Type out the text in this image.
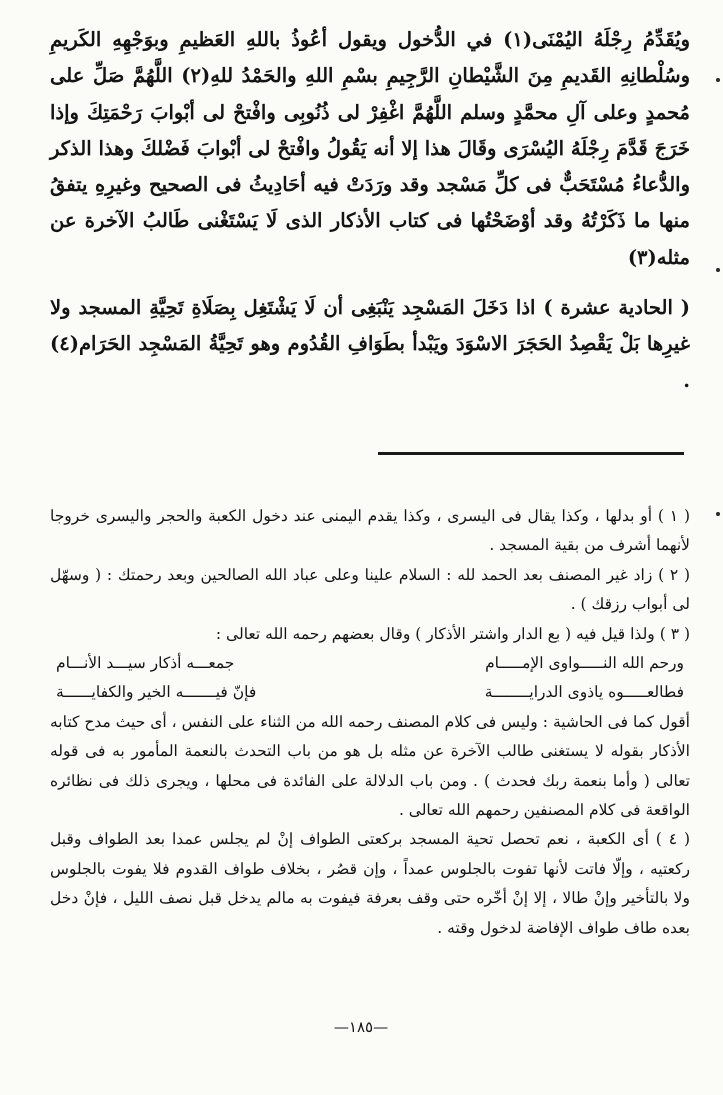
ويُقَدِّمُ رِجْلَهُ اليُمْنَى(١) في الدُّخول ويقول أعُوذُ باللهِ العَظيمِ وبوَجْهِهِ الكَريمِ وسُلْطانِهِ القَديمِ مِنَ الشَّيْطانِ الرَّجِيمِ بسْمِ اللهِ والحَمْدُ للهِ(٢) اللَّهُمَّ صَلِّ على مُحمدٍ وعلى آلِ محمَّدٍ وسلم اللَّهُمَّ اغْفِرْ لى ذُنُوبِى وافْتحْ لى أبْوابَ رَحْمَتِكَ وإذا خَرَجَ قَدَّمَ رِجْلَهُ اليُسْرَى وقَالَ هذا إلا أنه يَقُولُ وافْتحْ لى أبْوابَ فَضْلكَ وهذا الذكر والدُّعاءُ مُسْتَحَبٌّ فى كلِّ مَسْجد وقد ورَدَتْ فيه أحَادِيثُ فى الصحيح وغيرِهِ يتفقُ منها ما ذَكَرْتُهُ وقد أوْضَحْتُها فى كتاب الأذكار الذى لَا يَسْتَغْنى طَالبُ الآخرة عن مثله(٣)

( الحادية عشرة ) اذا دَخَلَ المَسْجِد يَنْبَغِى أن لَا يَشْتَغِل بِصَلَاةِ تَحِيَّةِ المسجد ولا غيرِها بَلْ يَقْصِدُ الحَجَرَ الاسْوَدَ ويَبْدأ بطَوَافِ القُدُوم وهو تَحِيَّةُ المَسْجِد الحَرَام(٤) .

( ١ ) أو بدلها ، وكذا يقال فى اليسرى ، وكذا يقدم اليمنى عند دخول الكعبة والحجر واليسرى خروجا لأنهما أشرف من بقية المسجد .

( ٢ ) زاد غير المصنف بعد الحمد لله : السلام علينا وعلى عباد الله الصالحين وبعد رحمتك : ( وسهّل لى أبواب رزقك ) .

( ٣ ) ولذا قيل فيه ( بع الدار واشتر الأذكار ) وقال بعضهم رحمه الله تعالى :

ورحم الله النـــــواوى الإمـــــام
جمعـــه أذكار سيـــد الأنـــام
فطالعـــــوه ياذوى الدرايــــــــة
فإنّ فيـــــــه الخير والكفايــــــة

أقول كما فى الحاشية : وليس فى كلام المصنف رحمه الله من الثناء على النفس ، أى حيث مدح كتابه الأذكار بقوله لا يستغنى طالب الآخرة عن مثله بل هو من باب التحدث بالنعمة المأمور به فى قوله تعالى ( وأما بنعمة ربك فحدث ) . ومن باب الدلالة على الفائدة فى محلها ، ويجرى ذلك فى نظائره الواقعة فى كلام المصنفين رحمهم الله تعالى .

( ٤ ) أى الكعبة ، نعم تحصل تحية المسجد بركعتى الطواف إنْ لم يجلس عمدا بعد الطواف وقبل ركعتيه ، وإلّا فاتت لأنها تفوت بالجلوس عمداً ، وإن قصُر ، بخلاف طواف القدوم فلا يفوت بالجلوس ولا بالتأخير وإنْ طالا ، إلا إنْ أخّره حتى وقف بعرفة فيفوت به مالم يدخل قبل نصف الليل ، فإنْ دخل بعده طاف طواف الإفاضة لدخول وقته .

—١٨٥—
